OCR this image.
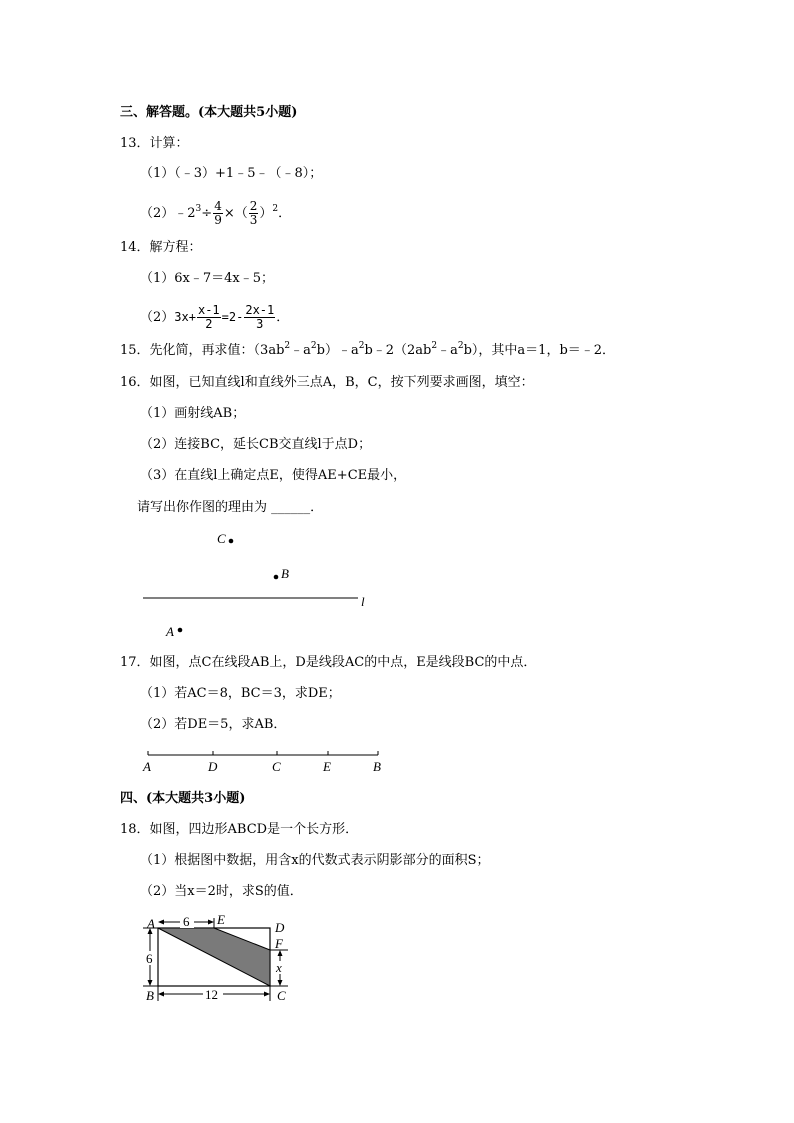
三、解答题。(本大题共5小题)
13．计算：
（1）（﹣3）+1﹣5﹣（﹣8）；
$(2)﹣2^3\div \frac{4}{9}$ ×（ $\frac{2}{3} )^2$．
14．解方程：
（1）6x﹣7＝4x﹣5；
$(2)3x+ \frac{x-1}{2} =2- \frac{2x-1}{3}$ ．
15．先化简，再求值：$(3ab^2﹣a^2b)﹣a^2b﹣2(2ab^2﹣a^2b)$，其中a＝1，b＝﹣2．
16．如图，已知直线l和直线外三点A，B，C，按下列要求画图，填空：
（1）画射线AB；
（2）连接BC，延长CB交直线l于点D；
（3）在直线l上确定点E，使得AE+CE最小，
请写出你作图的理由为 ______．
C
B
l
A
A	D	C	E	B
6
6
12
x
A	E
D
F
B	C
17．如图，点C在线段AB上，D是线段AC的中点，E是线段BC的中点．
（1）若AC＝8，BC＝3，求DE；
（2）若DE＝5，求AB．
四、(本大题共3小题)
18．如图，四边形ABCD是一个长方形．
（1）根据图中数据，用含x的代数式表示阴影部分的面积S；
（2）当x＝2时，求S的值．
